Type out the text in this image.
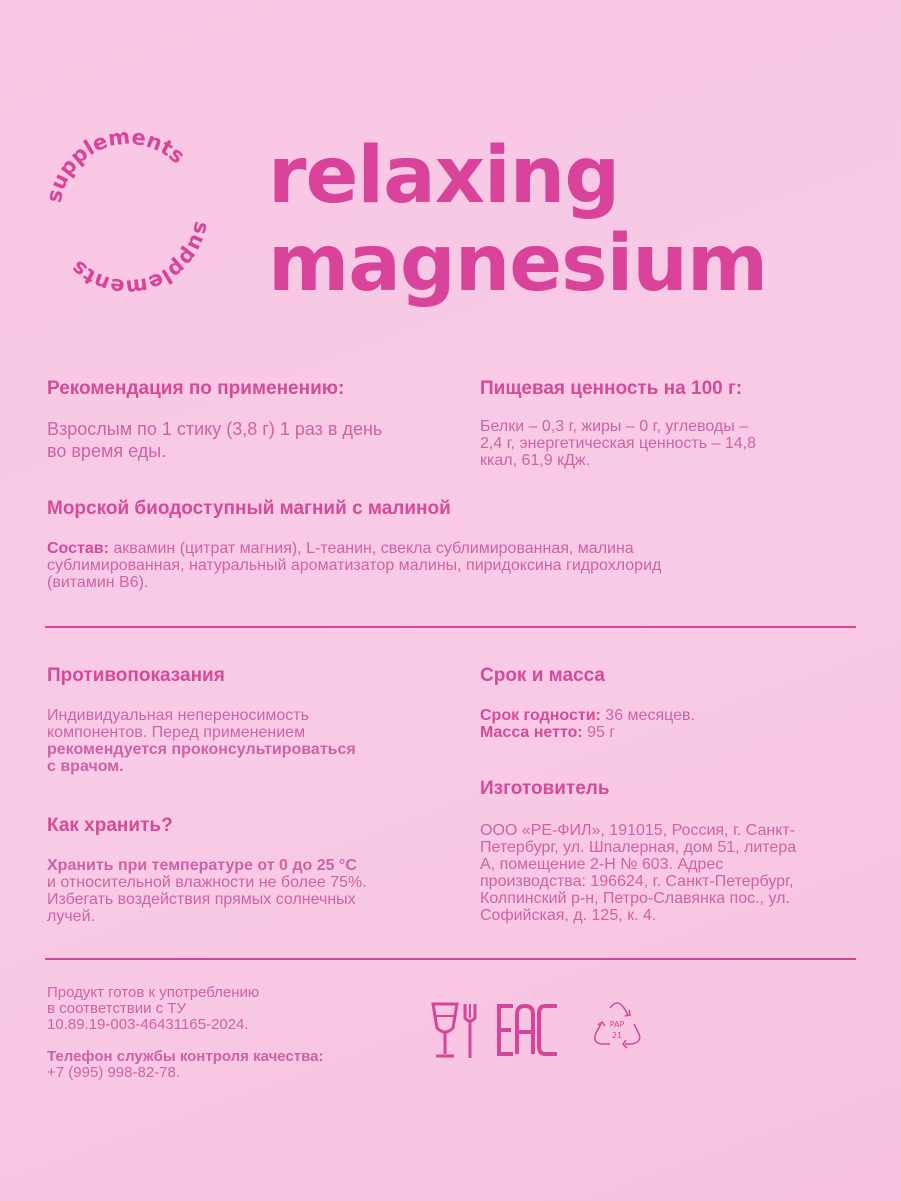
supplements
supplements
relaxing
magnesium

Рекомендация по применению:

Взрослым по 1 стику (3,8 г) 1 раз в день

во время еды.

Пищевая ценность на 100 г:

Белки – 0,3 г, жиры – 0 г, углеводы –

2,4 г, энергетическая ценность – 14,8

ккал, 61,9 кДж.

Морской биодоступный магний с малиной

Состав: аквамин (цитрат магния), L-теанин, свекла сублимированная, малина

сублимированная, натуральный ароматизатор малины, пиридоксина гидрохлорид

(витамин В6).

Противопоказания

Индивидуальная непереносимость

компонентов. Перед применением

рекомендуется проконсультироваться

с врачом.

Как хранить?

Хранить при температуре от 0 до 25 °C

и относительной влажности не более 75%.

Избегать воздействия прямых солнечных

лучей.

Срок и масса

Срок годности: 36 месяцев.

Масса нетто: 95 г

Изготовитель

ООО «РЕ-ФИЛ», 191015, Россия, г. Санкт-

Петербург, ул. Шпалерная, дом 51, литера

А, помещение 2-Н № 603. Адрес

производства: 196624, г. Санкт-Петербург,

Колпинский р-н, Петро-Славянка пос., ул.

Софийская, д. 125, к. 4.

Продукт готов к употреблению

в соответствии с ТУ

10.89.19-003-46431165-2024.

Телефон службы контроля качества:

+7 (995) 998-82-78.

PAP
21
